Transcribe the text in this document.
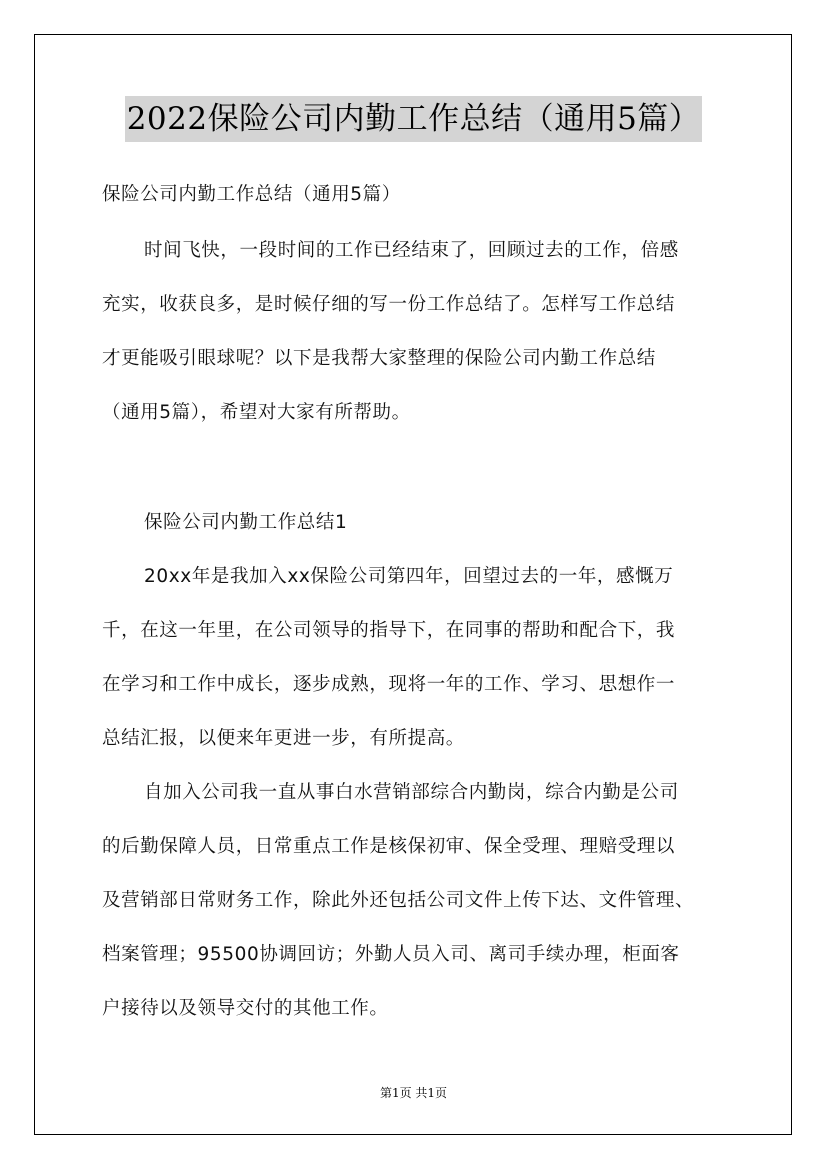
2022保险公司内勤工作总结（通用5篇）
保险公司内勤工作总结（通用5篇）
时间飞快，一段时间的工作已经结束了，回顾过去的工作，倍感
充实，收获良多，是时候仔细的写一份工作总结了。怎样写工作总结
才更能吸引眼球呢？以下是我帮大家整理的保险公司内勤工作总结
（通用5篇），希望对大家有所帮助。
保险公司内勤工作总结1
20xx年是我加入xx保险公司第四年，回望过去的一年，感慨万
千，在这一年里，在公司领导的指导下，在同事的帮助和配合下，我
在学习和工作中成长，逐步成熟，现将一年的工作、学习、思想作一
总结汇报，以便来年更进一步，有所提高。
自加入公司我一直从事白水营销部综合内勤岗，综合内勤是公司
的后勤保障人员，日常重点工作是核保初审、保全受理、理赔受理以
及营销部日常财务工作，除此外还包括公司文件上传下达、文件管理、
档案管理；95500协调回访；外勤人员入司、离司手续办理，柜面客
户接待以及领导交付的其他工作。
第1页 共1页
